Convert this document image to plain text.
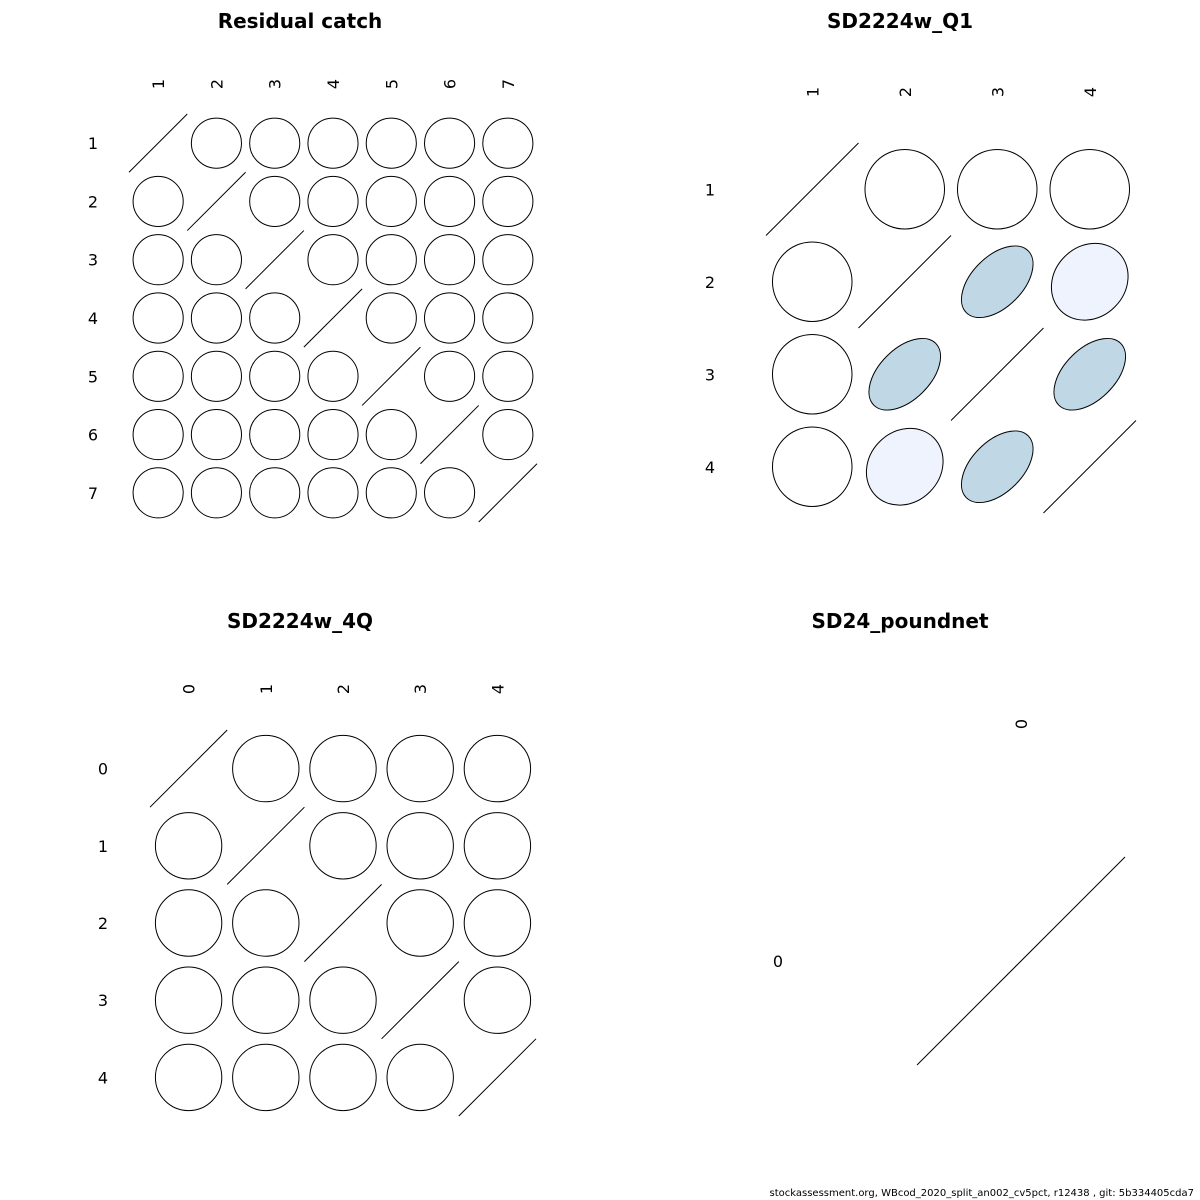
Residual catch
1 2 3 4 5 6 7
1
2
3
4
5
6
7
SD2224w_Q1
1	2	3	4
1
2
3
4
SD2224w_4Q
0	1	2	3	4
0
1
2
3
4
SD24_poundnet
0
0
stockassessment.org, WBcod_2020_split_an002_cv5pct, r12438 , git: 5b334405cda7
